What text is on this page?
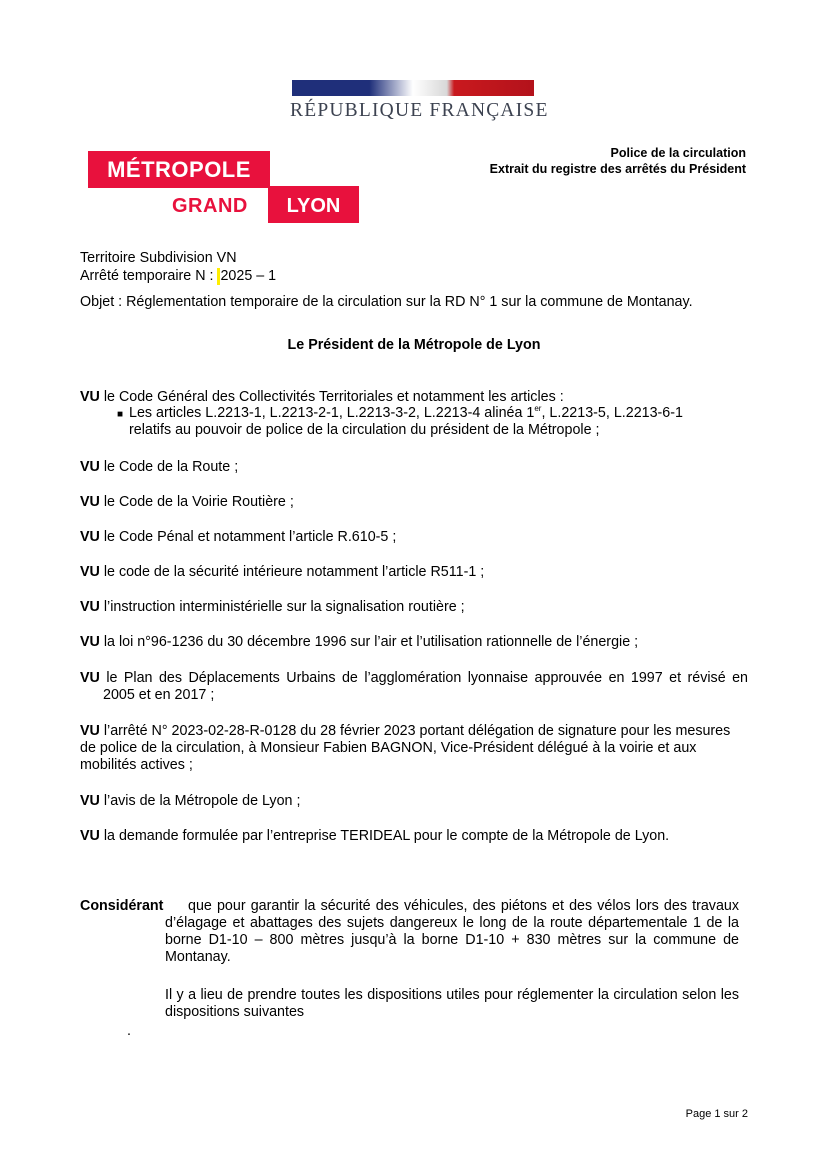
RÉPUBLIQUE FRANÇAISE
MÉTROPOLE
GRAND	LYON
Police de la circulation
Extrait du registre des arrêtés du Président
Territoire Subdivision VN
Arrêté temporaire N : 2025 – 1
Objet : Réglementation temporaire de la circulation sur la RD N° 1 sur la commune de Montanay.
Le Président de la Métropole de Lyon
VU le Code Général des Collectivités Territoriales et notamment les articles :
■ Les articles L.2213-1, L.2213-2-1, L.2213-3-2, L.2213-4 alinéa 1er, L.2213-5, L.2213-6-1
relatifs au pouvoir de police de la circulation du président de la Métropole ;
VU le Code de la Route ;
VU le Code de la Voirie Routière ;
VU le Code Pénal et notamment l’article R.610-5 ;
VU le code de la sécurité intérieure notamment l’article R511-1 ;
VU l’instruction interministérielle sur la signalisation routière ;
VU la loi n°96-1236 du 30 décembre 1996 sur l’air et l’utilisation rationnelle de l’énergie ;
VU le Plan des Déplacements Urbains de l’agglomération lyonnaise approuvée en 1997 et révisé en 2005 et en 2017 ;
VU l’arrêté N° 2023-02-28-R-0128 du 28 février 2023 portant délégation de signature pour les mesures de police de la circulation, à Monsieur Fabien BAGNON, Vice-Président délégué à la voirie et aux mobilités actives ;
VU l’avis de la Métropole de Lyon ;
VU la demande formulée par l’entreprise TERIDEAL pour le compte de la Métropole de Lyon.
Considérant	que pour garantir la sécurité des véhicules, des piétons et des vélos lors des travaux d’élagage et abattages des sujets dangereux le long de la route départementale 1 de la borne D1-10 – 800 mètres jusqu’à la borne D1-10 + 830 mètres sur la commune de Montanay.
Il y a lieu de prendre toutes les dispositions utiles pour réglementer la circulation selon les dispositions suivantes
.
Page 1 sur 2
